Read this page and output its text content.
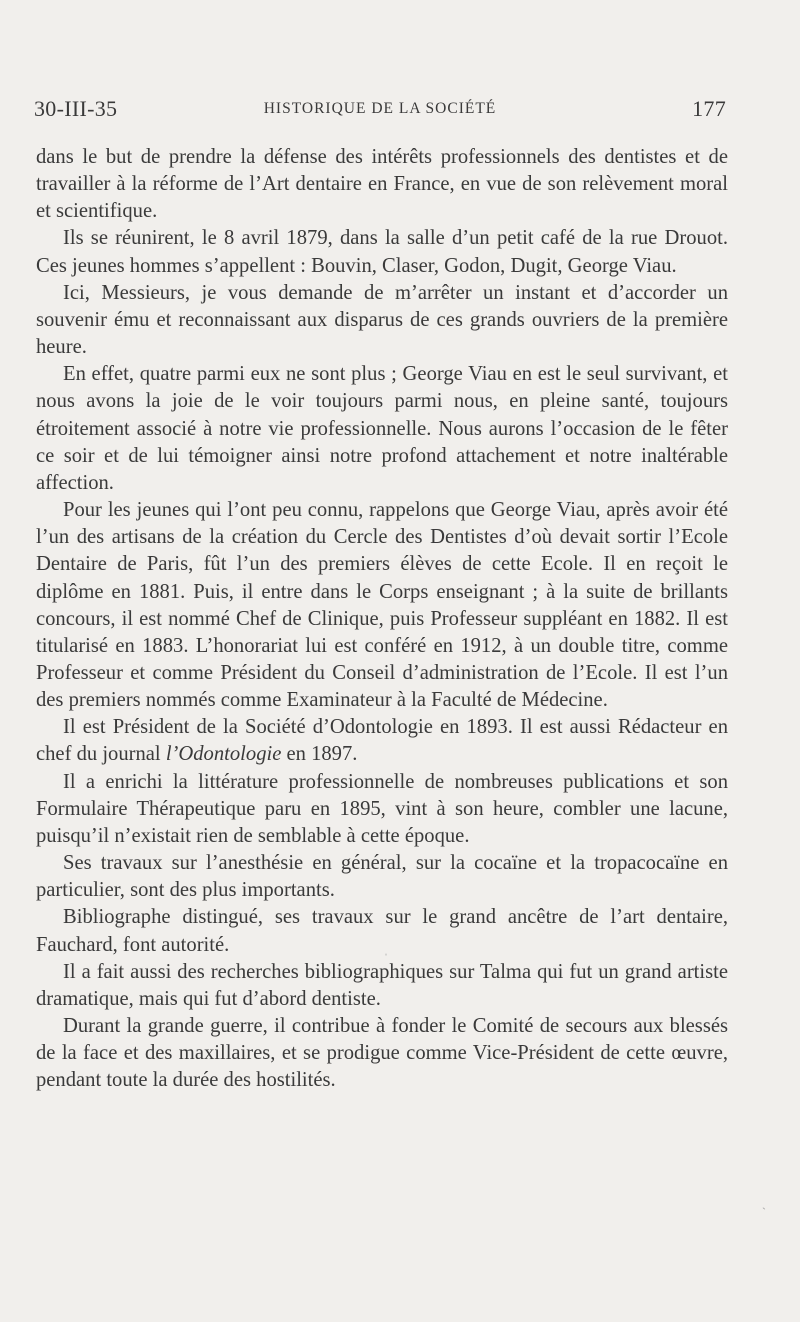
30-III-35	HISTORIQUE DE LA SOCIÉTÉ	177

dans le but de prendre la défense des intérêts professionnels des dentistes et de travailler à la réforme de l’Art dentaire en France, en vue de son relèvement moral et scientifique.

Ils se réunirent, le 8 avril 1879, dans la salle d’un petit café de la rue Drouot. Ces jeunes hommes s’appellent : Bouvin, Claser, Godon, Dugit, George Viau.

Ici, Messieurs, je vous demande de m’arrêter un instant et d’accorder un souvenir ému et reconnaissant aux disparus de ces grands ouvriers de la première heure.

En effet, quatre parmi eux ne sont plus ; George Viau en est le seul survivant, et nous avons la joie de le voir toujours parmi nous, en pleine santé, toujours étroitement associé à notre vie professionnelle. Nous aurons l’occasion de le fêter ce soir et de lui témoigner ainsi notre profond attachement et notre inaltérable affection.

Pour les jeunes qui l’ont peu connu, rappelons que George Viau, après avoir été l’un des artisans de la création du Cercle des Dentistes d’où devait sortir l’Ecole Dentaire de Paris, fût l’un des premiers élèves de cette Ecole. Il en reçoit le diplôme en 1881. Puis, il entre dans le Corps enseignant ; à la suite de brillants concours, il est nommé Chef de Clinique, puis Professeur suppléant en 1882. Il est titularisé en 1883. L’honorariat lui est conféré en 1912, à un double titre, comme Professeur et comme Président du Conseil d’administration de l’Ecole. Il est l’un des premiers nommés comme Examinateur à la Faculté de Médecine.

Il est Président de la Société d’Odontologie en 1893. Il est aussi Rédacteur en chef du journal l’Odontologie en 1897.

Il a enrichi la littérature professionnelle de nombreuses publications et son Formulaire Thérapeutique paru en 1895, vint à son heure, combler une lacune, puisqu’il n’existait rien de semblable à cette époque.

Ses travaux sur l’anesthésie en général, sur la cocaïne et la tropacocaïne en particulier, sont des plus importants.

Bibliographe distingué, ses travaux sur le grand ancêtre de l’art dentaire, Fauchard, font autorité.

Il a fait aussi des recherches bibliographiques sur Talma qui fut un grand artiste dramatique, mais qui fut d’abord dentiste.

Durant la grande guerre, il contribue à fonder le Comité de secours aux blessés de la face et des maxillaires, et se prodigue comme Vice-Président de cette œuvre, pendant toute la durée des hostilités.

ˎ
ˌ
